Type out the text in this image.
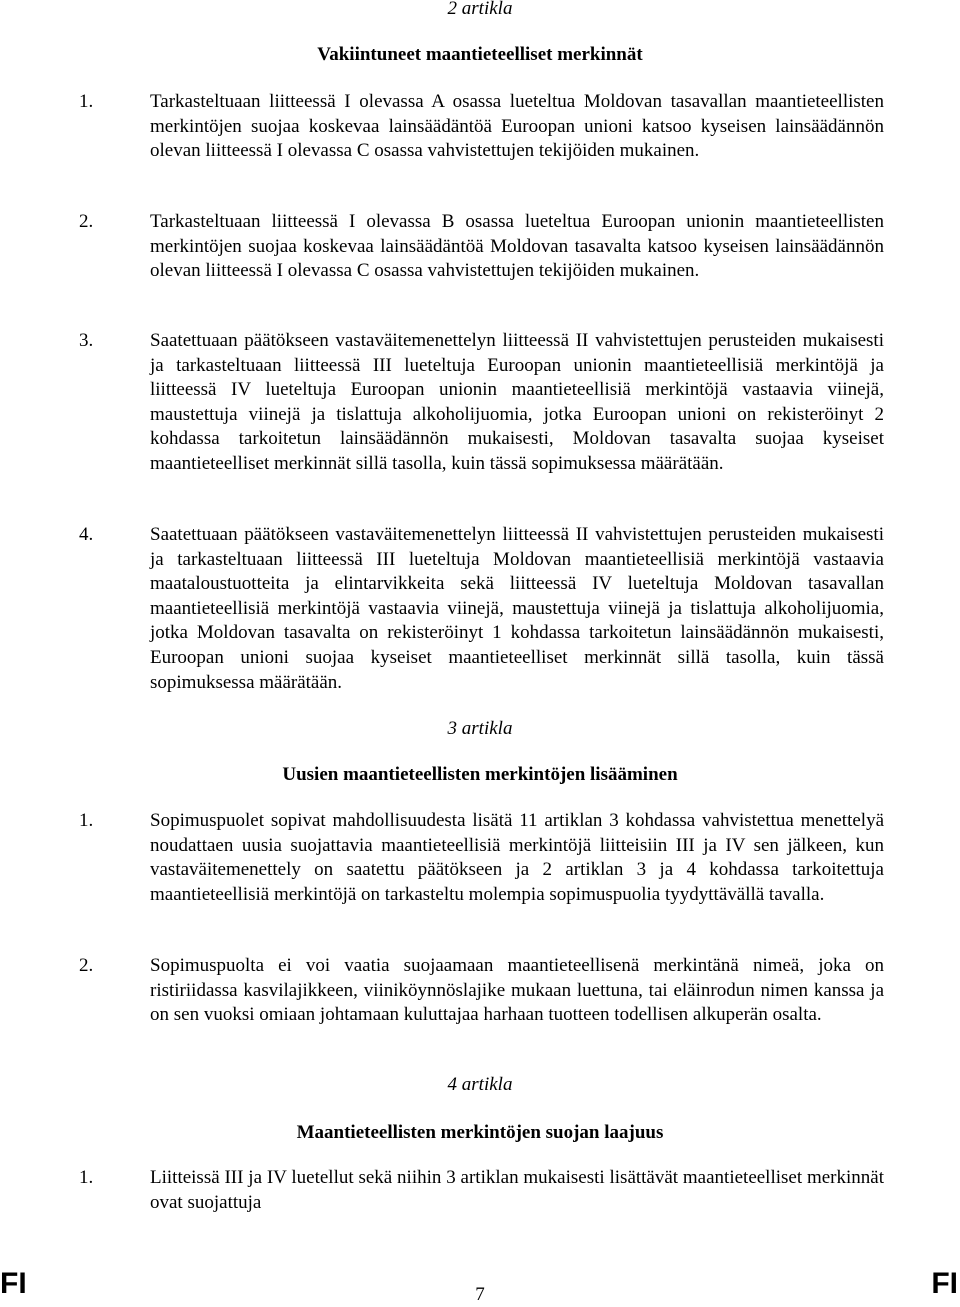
2 artikla
Vakiintuneet maantieteelliset merkinnät
1.	Tarkasteltuaan liitteessä I olevassa A osassa lueteltua Moldovan tasavallan maantieteellisten merkintöjen suojaa koskevaa lainsäädäntöä Euroopan unioni katsoo kyseisen lainsäädännön olevan liitteessä I olevassa C osassa vahvistettujen tekijöiden mukainen.

2.	Tarkasteltuaan liitteessä I olevassa B osassa lueteltua Euroopan unionin maantieteellisten merkintöjen suojaa koskevaa lainsäädäntöä Moldovan tasavalta katsoo kyseisen lainsäädännön olevan liitteessä I olevassa C osassa vahvistettujen tekijöiden mukainen.

3.	Saatettuaan päätökseen vastaväitemenettelyn liitteessä II vahvistettujen perusteiden mukaisesti ja tarkasteltuaan liitteessä III lueteltuja Euroopan unionin maantieteellisiä merkintöjä ja liitteessä IV lueteltuja Euroopan unionin maantieteellisiä merkintöjä vastaavia viinejä, maustettuja viinejä ja tislattuja alkoholijuomia, jotka Euroopan unioni on rekisteröinyt 2 kohdassa tarkoitetun lainsäädännön mukaisesti, Moldovan tasavalta suojaa kyseiset maantieteelliset merkinnät sillä tasolla, kuin tässä sopimuksessa määrätään.

4.	Saatettuaan päätökseen vastaväitemenettelyn liitteessä II vahvistettujen perusteiden mukaisesti ja tarkasteltuaan liitteessä III lueteltuja Moldovan maantieteellisiä merkintöjä vastaavia maataloustuotteita ja elintarvikkeita sekä liitteessä IV lueteltuja Moldovan tasavallan maantieteellisiä merkintöjä vastaavia viinejä, maustettuja viinejä ja tislattuja alkoholijuomia, jotka Moldovan tasavalta on rekisteröinyt 1 kohdassa tarkoitetun lainsäädännön mukaisesti, Euroopan unioni suojaa kyseiset maantieteelliset merkinnät sillä tasolla, kuin tässä sopimuksessa määrätään.

3 artikla
Uusien maantieteellisten merkintöjen lisääminen
1.	Sopimuspuolet sopivat mahdollisuudesta lisätä 11 artiklan 3 kohdassa vahvistettua menettelyä noudattaen uusia suojattavia maantieteellisiä merkintöjä liitteisiin III ja IV sen jälkeen, kun vastaväitemenettely on saatettu päätökseen ja 2 artiklan 3 ja 4 kohdassa tarkoitettuja maantieteellisiä merkintöjä on tarkasteltu molempia sopimuspuolia tyydyttävällä tavalla.

2.	Sopimuspuolta ei voi vaatia suojaamaan maantieteellisenä merkintänä nimeä, joka on ristiriidassa kasvilajikkeen, viiniköynnöslajike mukaan luettuna, tai eläinrodun nimen kanssa ja on sen vuoksi omiaan johtamaan kuluttajaa harhaan tuotteen todellisen alkuperän osalta.

4 artikla
Maantieteellisten merkintöjen suojan laajuus
1.	Liitteissä III ja IV luetellut sekä niihin 3 artiklan mukaisesti lisättävät maantieteelliset merkinnät ovat suojattuja

FI	7	FI
